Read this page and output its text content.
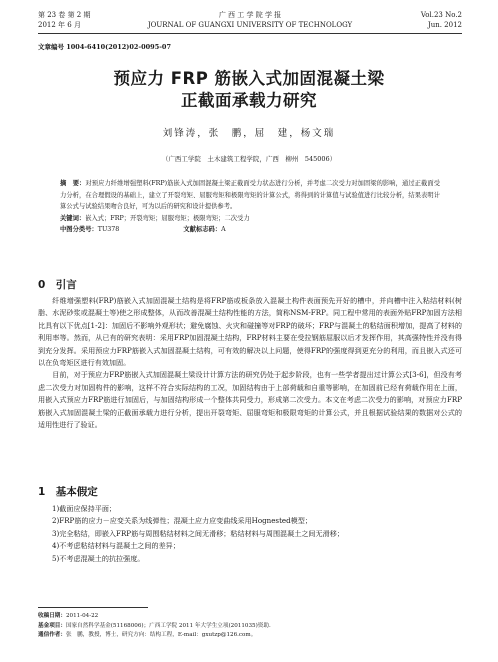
第 23 卷 第 2 期
2012 年 6 月
广 西 工 学 院 学 报
JOURNAL OF GUANGXI UNIVERSITY OF TECHNOLOGY
Vol.23 No.2
Jun. 2012
文章编号 1004-6410(2012)02-0095-07
预应力 FRP 筋嵌入式加固混凝土梁
正截面承载力研究
刘锋涛，张　鹏，屈　建，杨文瑞
（广西工学院　土木建筑工程学院，广西　柳州　545006）
摘　要：对预应力纤维增强塑料(FRP)筋嵌入式加固混凝土梁正截面受力状态进行分析，并考虑二次受力对加固梁的影响，通过正截面受力分析，在合理假设的基础上，建立了开裂弯矩、屈服弯矩和极限弯矩的计算公式，将得到的计算值与试验值进行比较分析，结果表明计算公式与试验结果吻合良好，可为以后的研究和设计提供参考。
关键词：嵌入式；FRP；开裂弯矩；屈服弯矩；极限弯矩；二次受力
中图分类号：TU378	文献标志码：A
0　引言

纤维增强塑料(FRP)筋嵌入式加固混凝土结构是将FRP筋或板条放入混凝土构件表面预先开好的槽中，并向槽中注入粘结材料(树脂、水泥砂浆或混凝土等)使之形成整体，从而改善混凝土结构性能的方法，简称NSM-FRP。同工程中常用的表面外贴FRP加固方法相比具有以下优点[1-2]：加固后不影响外观形状；避免腐蚀、火灾和碰撞等对FRP的破坏；FRP与混凝土的粘结面积增加，提高了材料的利用率等。然而，从已有的研究表明：采用FRP加固混凝土结构，FRP材料主要在受拉钢筋屈服以后才发挥作用，其高强特性并没有得到充分发挥。采用预应力FRP筋嵌入式加固混凝土结构，可有效的解决以上问题，使得FRP的强度得到更充分的利用，而且嵌入式还可以在负弯矩区进行有效加固。

目前，对于预应力FRP筋嵌入式加固混凝土梁设计计算方法的研究仍处于起步阶段，也有一些学者提出过计算公式[3-6]，但没有考虑二次受力对加固构件的影响，这样不符合实际结构的工况，加固结构由于上部荷载和自重等影响，在加固前已经有荷载作用在上面，用嵌入式预应力FRP筋进行加固后，与加固结构形成一个整体共同受力，形成第二次受力。本文在考虑二次受力的影响，对预应力FRP筋嵌入式加固混凝土梁的正截面承载力进行分析，提出开裂弯矩、屈服弯矩和极限弯矩的计算公式，并且根据试验结果的数据对公式的适用性进行了验证。

1　基本假定
1)截面应保持平面；
2)FRP筋的应力－应变关系为线弹性；混凝土应力应变曲线采用Hognested模型；
3)完全粘结，即嵌入FRP筋与周围粘结材料之间无滑移；粘结材料与周围混凝土之间无滑移；
4)不考虑粘结材料与混凝土之间的差异；
5)不考虑混凝土的抗拉强度。
收稿日期：2011-04-22
基金项目：国家自然科学基金(51168006)；广西工学院 2011 年大学生立项(2011035)资助.
通信作者：张　鹏，教授，博士，研究方向：结构工程，E-mail：gxutzp@126.com。
